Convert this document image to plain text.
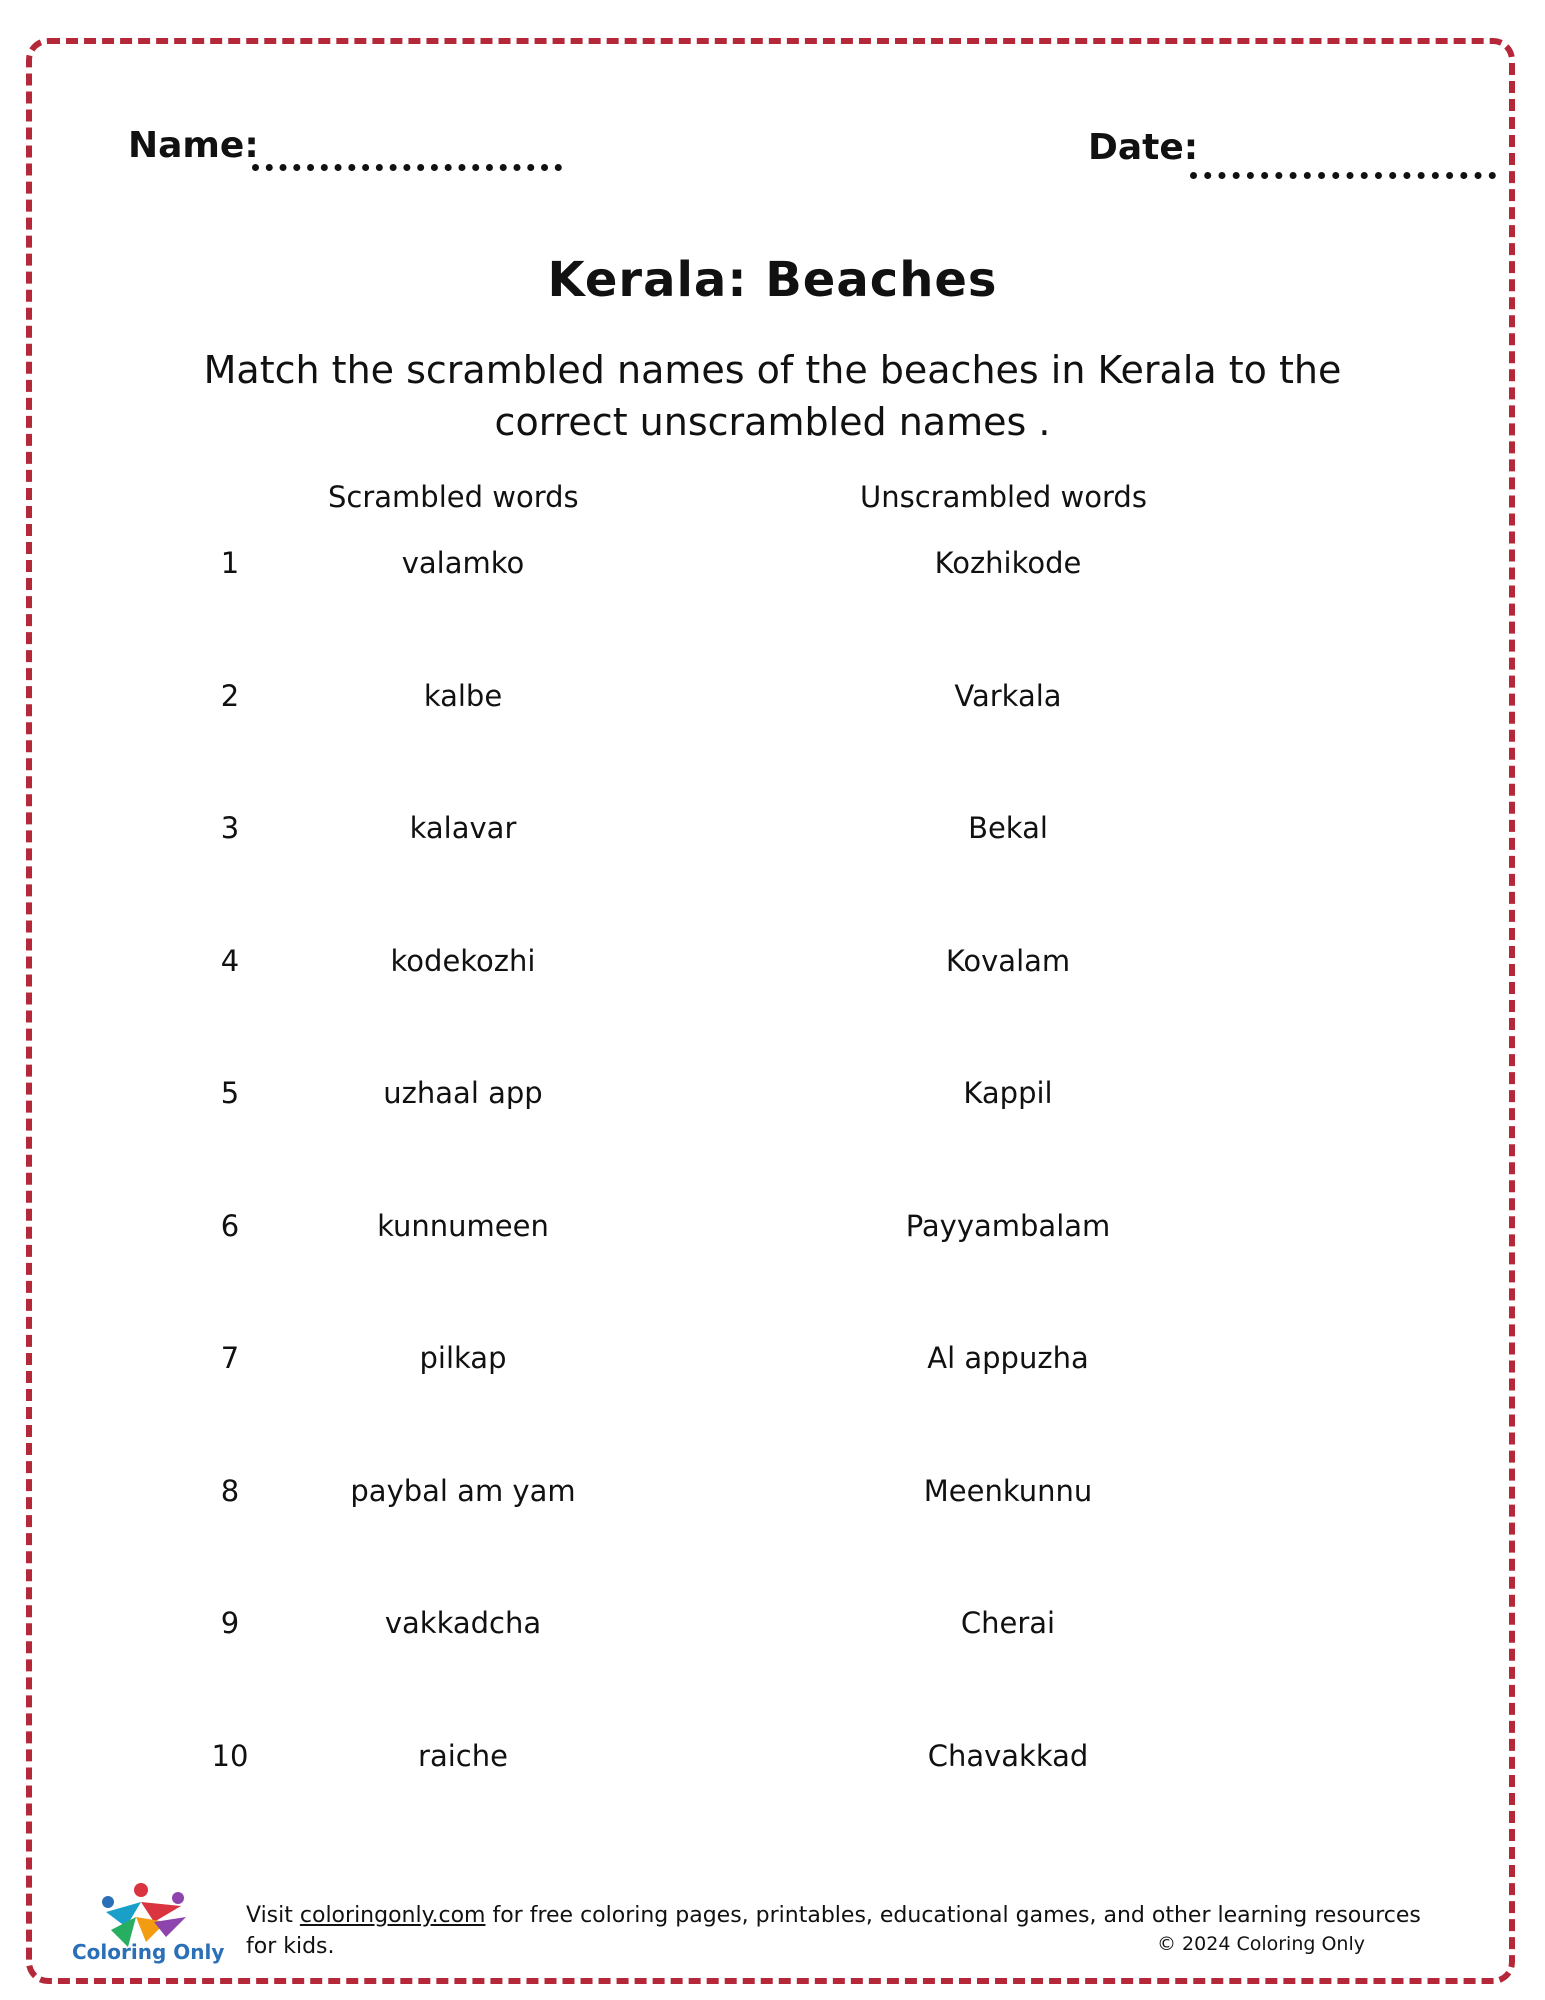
Name:	Date:
Kerala: Beaches
Match the scrambled names of the beaches in Kerala to the correct unscrambled names .
Scrambled words	Unscrambled words
1	valamko	Kozhikode
2	kalbe	Varkala
3	kalavar	Bekal
4	kodekozhi	Kovalam
5	uzhaal app	Kappil
6	kunnumeen	Payyambalam
7	pilkap	Al appuzha
8	paybal am yam	Meenkunnu
9	vakkadcha	Cherai
10	raiche	Chavakkad
Coloring Only
Visit coloringonly.com for free coloring pages, printables, educational games, and other learning resources for kids.	© 2024 Coloring Only
